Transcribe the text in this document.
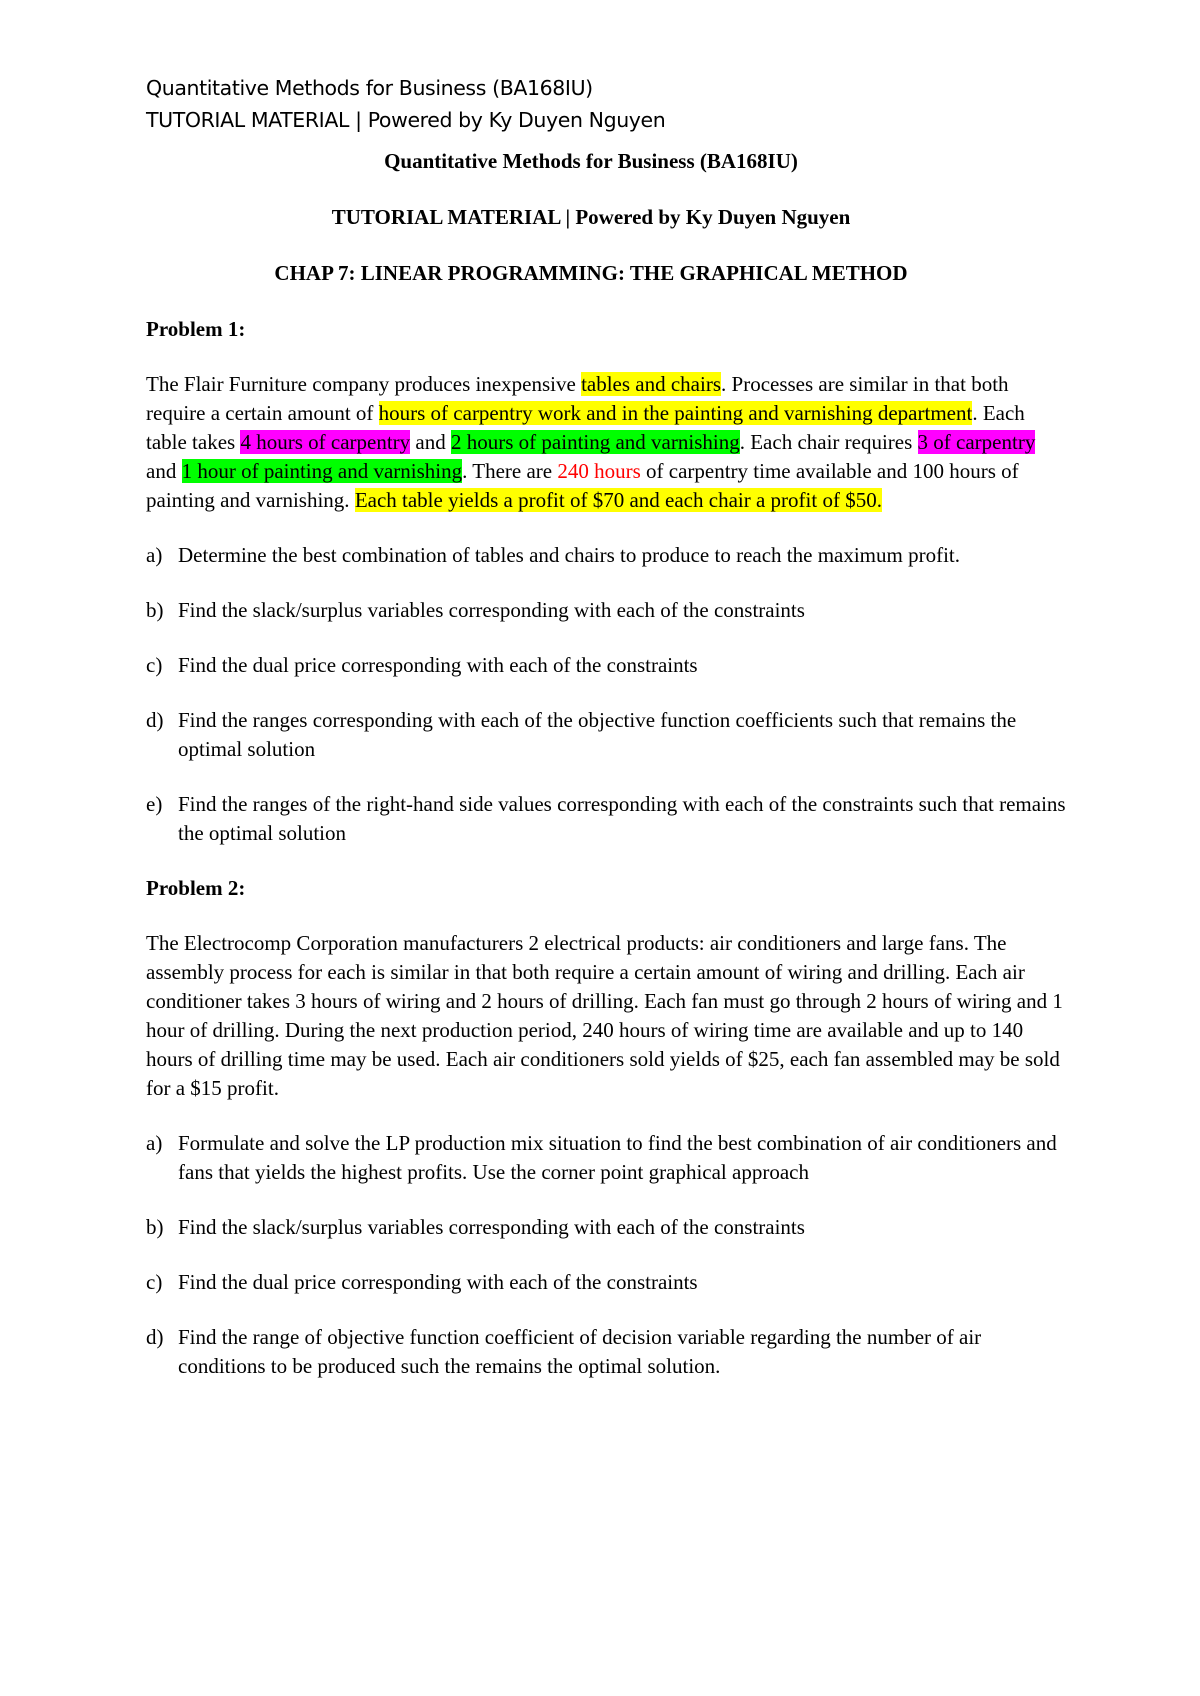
Quantitative Methods for Business (BA168IU)
TUTORIAL MATERIAL | Powered by Ky Duyen Nguyen

Quantitative Methods for Business (BA168IU)

TUTORIAL MATERIAL | Powered by Ky Duyen Nguyen

CHAP 7: LINEAR PROGRAMMING: THE GRAPHICAL METHOD

Problem 1:

The Flair Furniture company produces inexpensive tables and chairs. Processes are similar in that both require a certain amount of hours of carpentry work and in the painting and varnishing department. Each table takes 4 hours of carpentry and 2 hours of painting and varnishing. Each chair requires 3 of carpentry and 1 hour of painting and varnishing. There are 240 hours of carpentry time available and 100 hours of painting and varnishing. Each table yields a profit of $70 and each chair a profit of $50.

a) Determine the best combination of tables and chairs to produce to reach the maximum profit.
b) Find the slack/surplus variables corresponding with each of the constraints
c) Find the dual price corresponding with each of the constraints
d) Find the ranges corresponding with each of the objective function coefficients such that remains the optimal solution
e) Find the ranges of the right-hand side values corresponding with each of the constraints such that remains the optimal solution

Problem 2:

The Electrocomp Corporation manufacturers 2 electrical products: air conditioners and large fans. The assembly process for each is similar in that both require a certain amount of wiring and drilling. Each air conditioner takes 3 hours of wiring and 2 hours of drilling. Each fan must go through 2 hours of wiring and 1 hour of drilling. During the next production period, 240 hours of wiring time are available and up to 140 hours of drilling time may be used. Each air conditioners sold yields of $25, each fan assembled may be sold for a $15 profit.

a) Formulate and solve the LP production mix situation to find the best combination of air conditioners and fans that yields the highest profits. Use the corner point graphical approach
b) Find the slack/surplus variables corresponding with each of the constraints
c) Find the dual price corresponding with each of the constraints
d) Find the range of objective function coefficient of decision variable regarding the number of air conditions to be produced such the remains the optimal solution.
